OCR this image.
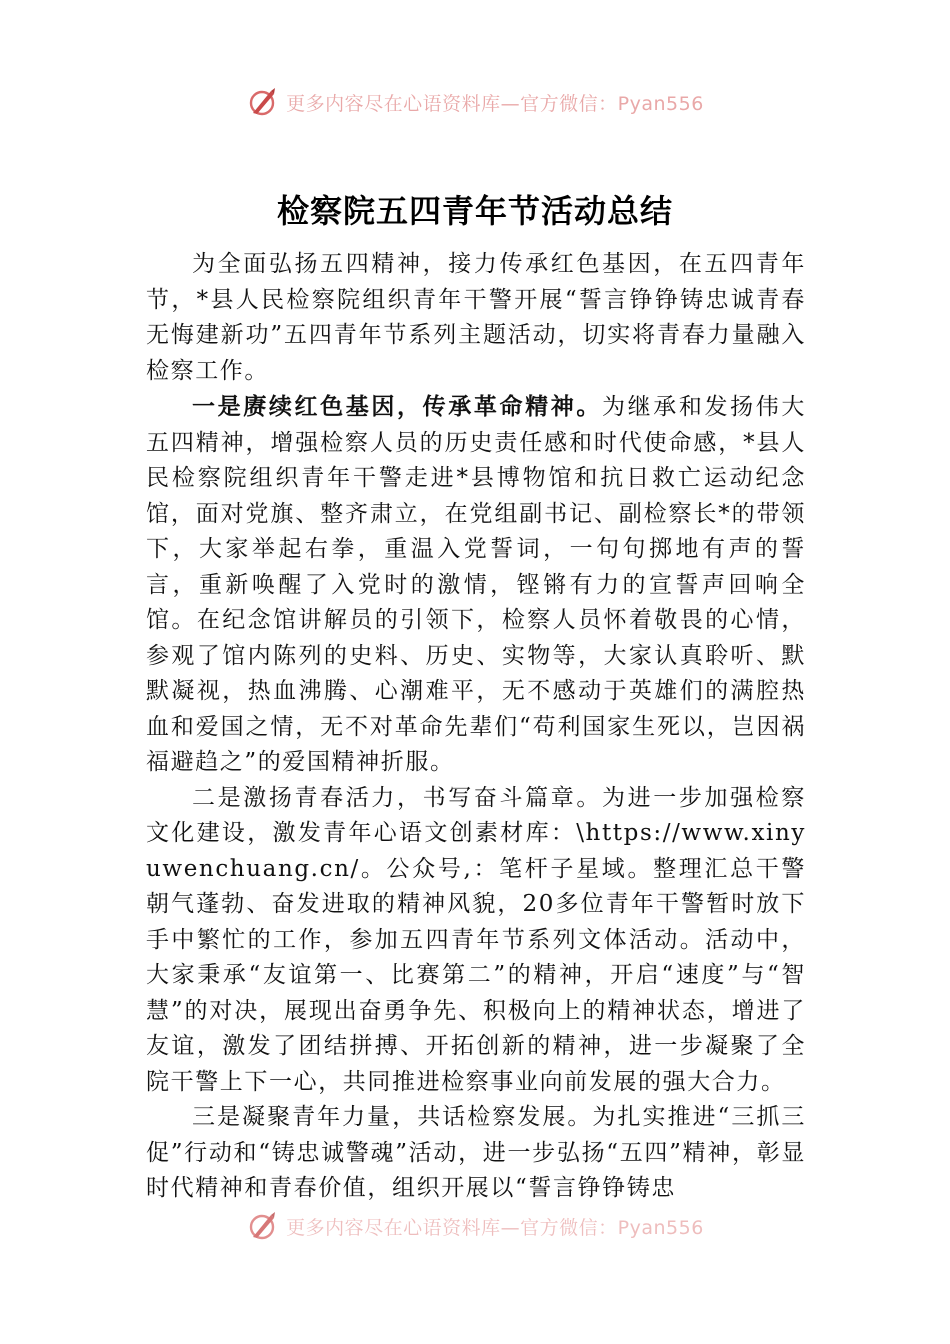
更多内容尽在心语资料库—官方微信：Pyan556
检察院五四青年节活动总结

为全面弘扬五四精神，接力传承红色基因，在五四青年节，*县人民检察院组织青年干警开展“誓言铮铮铸忠诚青春无悔建新功”五四青年节系列主题活动，切实将青春力量融入检察工作。

一是赓续红色基因，传承革命精神。为继承和发扬伟大五四精神，增强检察人员的历史责任感和时代使命感，*县人民检察院组织青年干警走进*县博物馆和抗日救亡运动纪念馆，面对党旗、整齐肃立，在党组副书记、副检察长*的带领下，大家举起右拳，重温入党誓词，一句句掷地有声的誓言，重新唤醒了入党时的激情，铿锵有力的宣誓声回响全馆。在纪念馆讲解员的引领下，检察人员怀着敬畏的心情，参观了馆内陈列的史料、历史、实物等，大家认真聆听、默默凝视，热血沸腾、心潮难平，无不感动于英雄们的满腔热血和爱国之情，无不对革命先辈们“苟利国家生死以，岂因祸福避趋之”的爱国精神折服。

二是激扬青春活力，书写奋斗篇章。为进一步加强检察文化建设，激发青年心语文创素材库：\https://www.xinyuwenchuang.cn/。公众号,：笔杆子星域。整理汇总干警朝气蓬勃、奋发进取的精神风貌，20多位青年干警暂时放下手中繁忙的工作，参加五四青年节系列文体活动。活动中，大家秉承“友谊第一、比赛第二”的精神，开启“速度”与“智慧”的对决，展现出奋勇争先、积极向上的精神状态，增进了友谊，激发了团结拼搏、开拓创新的精神，进一步凝聚了全院干警上下一心，共同推进检察事业向前发展的强大合力。

三是凝聚青年力量，共话检察发展。为扎实推进“三抓三促”行动和“铸忠诚警魂”活动，进一步弘扬“五四”精神，彰显时代精神和青春价值，组织开展以“誓言铮铮铸忠

更多内容尽在心语资料库—官方微信：Pyan556
